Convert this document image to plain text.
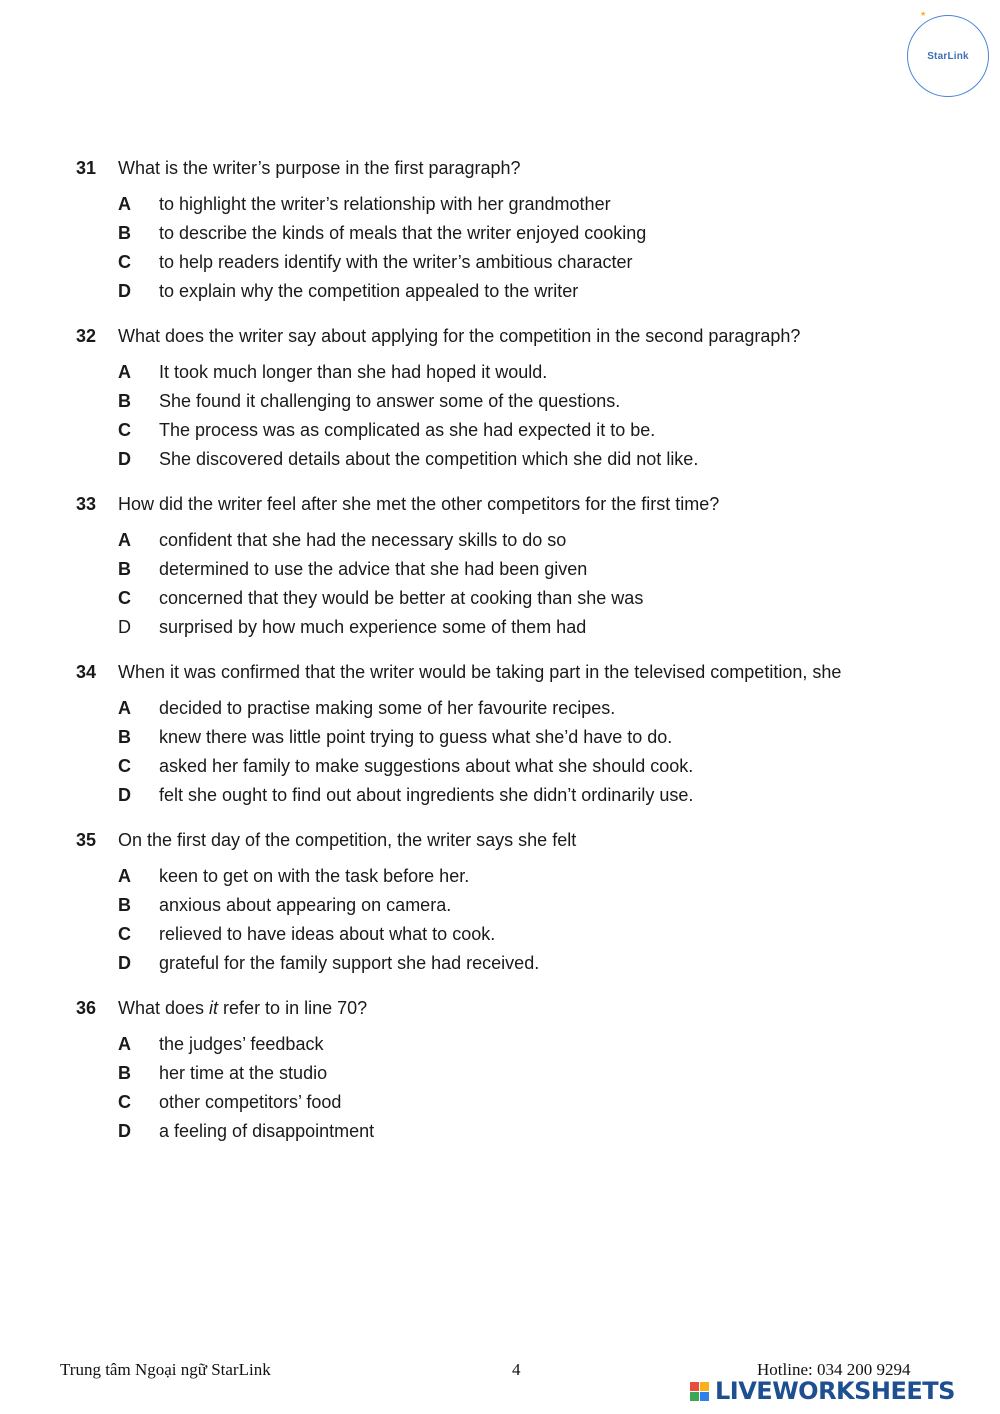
StarLink
★
31 What is the writer’s purpose in the first paragraph?
A to highlight the writer’s relationship with her grandmother
B to describe the kinds of meals that the writer enjoyed cooking
C to help readers identify with the writer’s ambitious character
D to explain why the competition appealed to the writer
32 What does the writer say about applying for the competition in the second paragraph?
A It took much longer than she had hoped it would.
B She found it challenging to answer some of the questions.
C The process was as complicated as she had expected it to be.
D She discovered details about the competition which she did not like.
33 How did the writer feel after she met the other competitors for the first time?
A confident that she had the necessary skills to do so
B determined to use the advice that she had been given
C concerned that they would be better at cooking than she was
D surprised by how much experience some of them had
34 When it was confirmed that the writer would be taking part in the televised competition, she
A decided to practise making some of her favourite recipes.
B knew there was little point trying to guess what she’d have to do.
C asked her family to make suggestions about what she should cook.
D felt she ought to find out about ingredients she didn’t ordinarily use.
35 On the first day of the competition, the writer says she felt
A keen to get on with the task before her.
B anxious about appearing on camera.
C relieved to have ideas about what to cook.
D grateful for the family support she had received.
36 What does it refer to in line 70?
A the judges’ feedback
B her time at the studio
C other competitors’ food
D a feeling of disappointment
Trung tâm Ngoại ngữ StarLink	4	Hotline: 034 200 9294
LIVEWORKSHEETS
